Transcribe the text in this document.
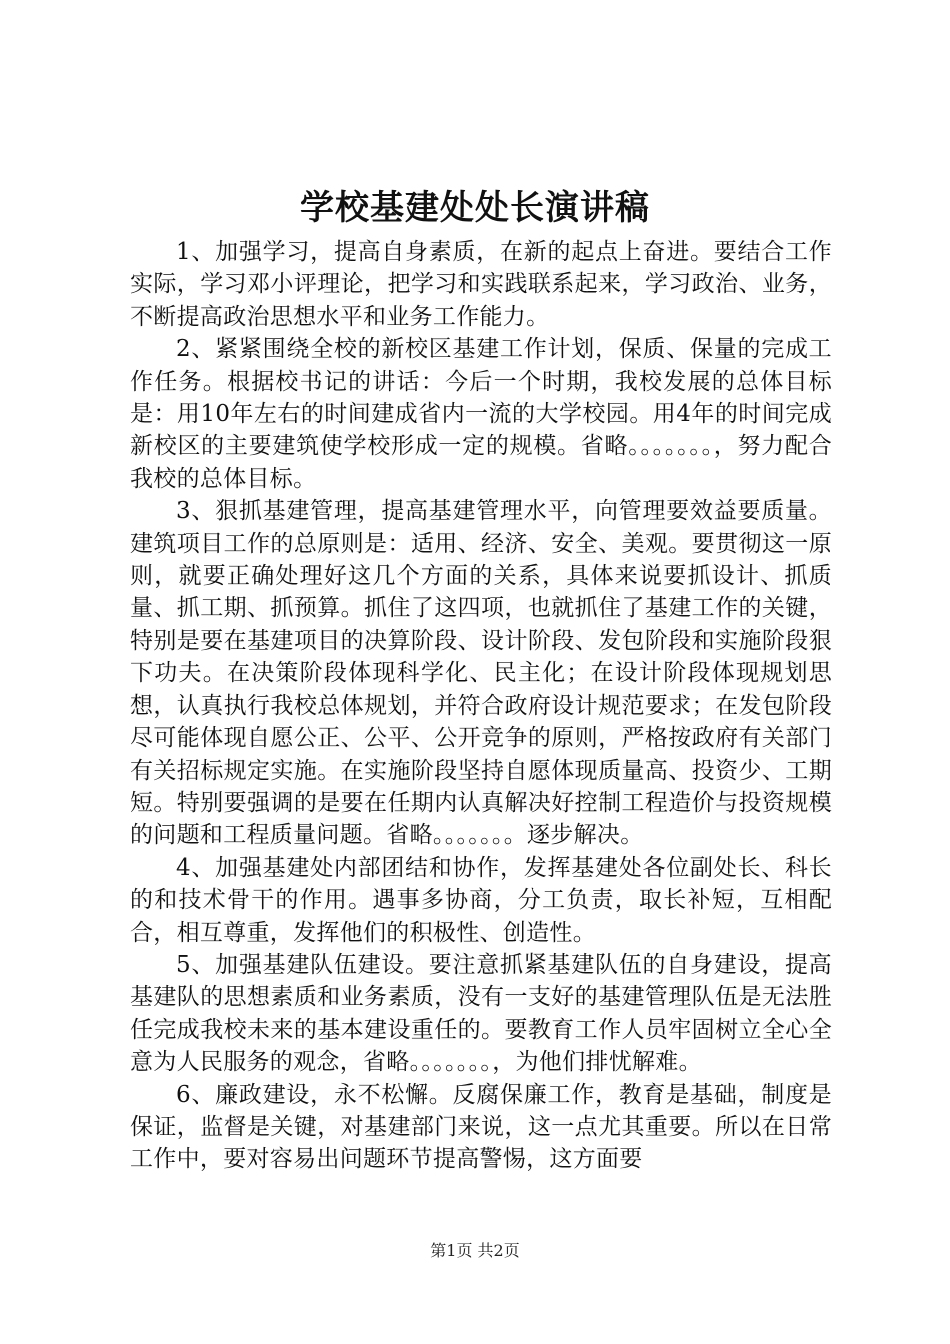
学校基建处处长演讲稿

1、加强学习，提高自身素质，在新的起点上奋进。要结合工作实际，学习邓小评理论，把学习和实践联系起来，学习政治、业务，不断提高政治思想水平和业务工作能力。

2、紧紧围绕全校的新校区基建工作计划，保质、保量的完成工作任务。根据校书记的讲话：今后一个时期，我校发展的总体目标是：用10年左右的时间建成省内一流的大学校园。用4年的时间完成新校区的主要建筑使学校形成一定的规模。省略。。。。。。。，努力配合我校的总体目标。

3、狠抓基建管理，提高基建管理水平，向管理要效益要质量。建筑项目工作的总原则是：适用、经济、安全、美观。要贯彻这一原则，就要正确处理好这几个方面的关系，具体来说要抓设计、抓质量、抓工期、抓预算。抓住了这四项，也就抓住了基建工作的关键，特别是要在基建项目的决算阶段、设计阶段、发包阶段和实施阶段狠下功夫。在决策阶段体现科学化、民主化；在设计阶段体现规划思想，认真执行我校总体规划，并符合政府设计规范要求；在发包阶段尽可能体现自愿公正、公平、公开竞争的原则，严格按政府有关部门有关招标规定实施。在实施阶段坚持自愿体现质量高、投资少、工期短。特别要强调的是要在任期内认真解决好控制工程造价与投资规模的问题和工程质量问题。省略。。。。。。。逐步解决。

4、加强基建处内部团结和协作，发挥基建处各位副处长、科长的和技术骨干的作用。遇事多协商，分工负责，取长补短，互相配合，相互尊重，发挥他们的积极性、创造性。

5、加强基建队伍建设。要注意抓紧基建队伍的自身建设，提高基建队的思想素质和业务素质，没有一支好的基建管理队伍是无法胜任完成我校未来的基本建设重任的。要教育工作人员牢固树立全心全意为人民服务的观念，省略。。。。。。。，为他们排忧解难。

6、廉政建设，永不松懈。反腐保廉工作，教育是基础，制度是保证，监督是关键，对基建部门来说，这一点尤其重要。所以在日常工作中，要对容易出问题环节提高警惕，这方面要

第1页 共2页
